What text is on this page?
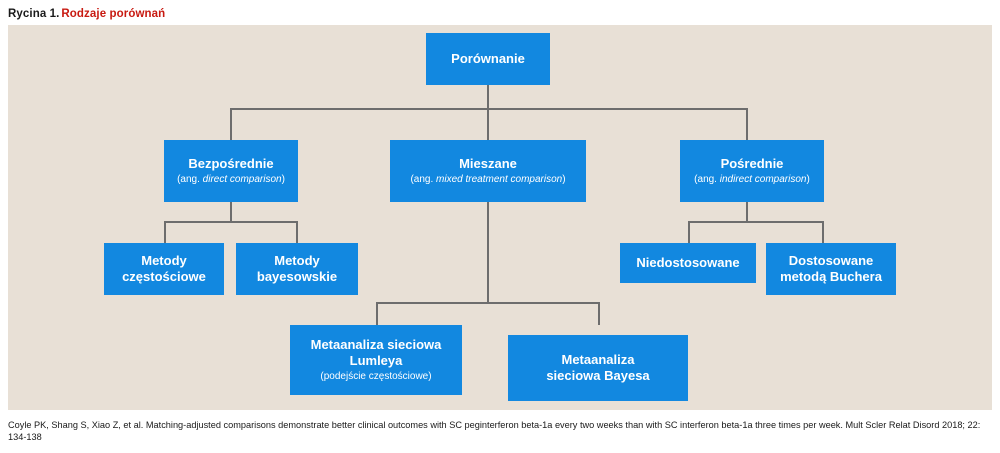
Rycina 1. Rodzaje porównań
Porównanie
Bezpośrednie
(ang. direct comparison)
Mieszane
(ang. mixed treatment comparison)
Pośrednie
(ang. indirect comparison)
Metody
częstościowe
Metody
bayesowskie
Niedostosowane	Dostosowane
metodą Buchera
Metaanaliza sieciowa
Lumleya
(podejście częstościowe)
Metaanaliza
sieciowa Bayesa
Coyle PK, Shang S, Xiao Z, et al. Matching-adjusted comparisons demonstrate better clinical outcomes with SC peginterferon beta-1a every two weeks than with SC interferon beta-1a three times per week. Mult Scler Relat Disord 2018; 22: 134-138
